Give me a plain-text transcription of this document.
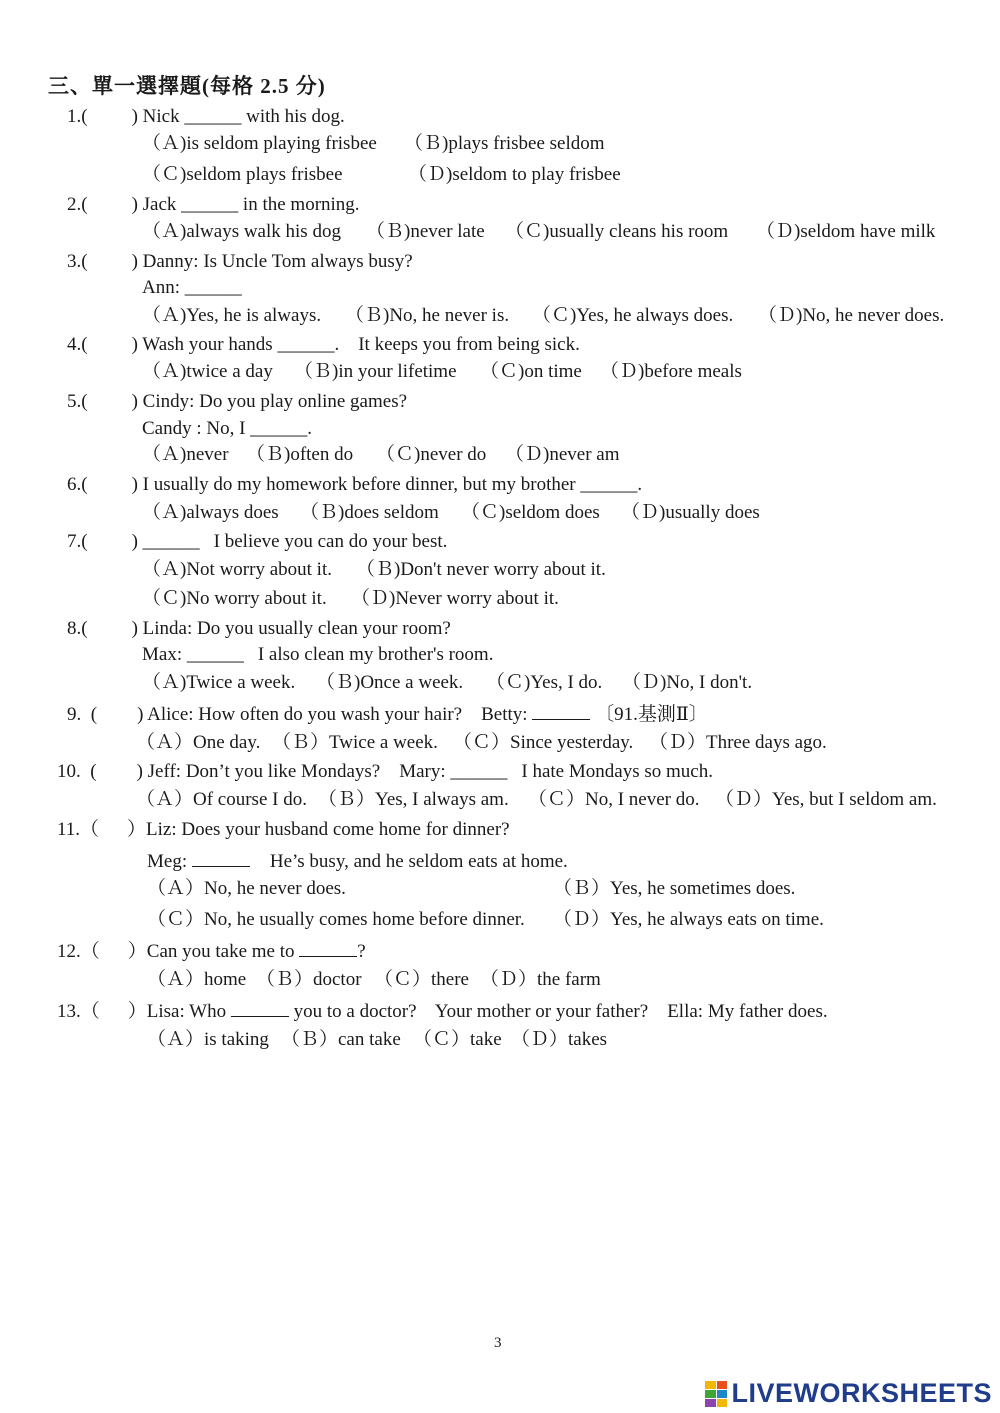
三、單一選擇題(每格 2.5 分)
1.( ) Nick ______ with his dog.
（Ａ)is seldom playing frisbee （Ｂ)plays frisbee seldom
（Ｃ)seldom plays frisbee	（Ｄ)seldom to play frisbee
2.( ) Jack ______ in the morning.
（Ａ)always walk his dog （Ｂ)never late （Ｃ)usually cleans his room （Ｄ)seldom have milk
3.( ) Danny: Is Uncle Tom always busy?
Ann: ______
（Ａ)Yes, he is always. （Ｂ)No, he never is. （Ｃ)Yes, he always does. （Ｄ)No, he never does.
4.( ) Wash your hands ______.    It keeps you from being sick.
（Ａ)twice a day （Ｂ)in your lifetime （Ｃ)on time （Ｄ)before meals
5.( ) Cindy: Do you play online games?
Candy : No, I ______.
（Ａ)never （Ｂ)often do （Ｃ)never do （Ｄ)never am
6.( ) I usually do my homework before dinner, but my brother ______.
（Ａ)always does （Ｂ)does seldom （Ｃ)seldom does （Ｄ)usually does
7.( ) ______ I believe you can do your best.
（Ａ)Not worry about it. （Ｂ)Don't never worry about it.
（Ｃ)No worry about it. （Ｄ)Never worry about it.
8.( ) Linda: Do you usually clean your room?
Max: ______ I also clean my brother's room.
（Ａ)Twice a week. （Ｂ)Once a week. （Ｃ)Yes, I do. （Ｄ)No, I don't.
9.  ( ) Alice: How often do you wash your hair?    Betty:	〔91.基測Ⅱ〕
（Ａ）One day. （Ｂ）Twice a week. （Ｃ）Since yesterday. （Ｄ）Three days ago.
10.  ( ) Jeff: Don’t you like Mondays?    Mary: ______ I hate Mondays so much.
（Ａ）Of course I do. （Ｂ）Yes, I always am. （Ｃ）No, I never do. （Ｄ）Yes, but I seldom am.
11.（ ）Liz: Does your husband come home for dinner?
Meg:	He’s busy, and he seldom eats at home.
（Ａ）No, he never does.	（Ｂ）Yes, he sometimes does.
（Ｃ）No, he usually comes home before dinner. （Ｄ）Yes, he always eats on time.
12.（ ）Can you take me to	?
（Ａ）home （Ｂ）doctor （Ｃ）there （Ｄ）the farm
13.（ ）Lisa: Who	you to a doctor?    Your mother or your father?    Ella: My father does.
（Ａ）is taking （Ｂ）can take （Ｃ）take （Ｄ）takes
3
LIVEWORKSHEETS
